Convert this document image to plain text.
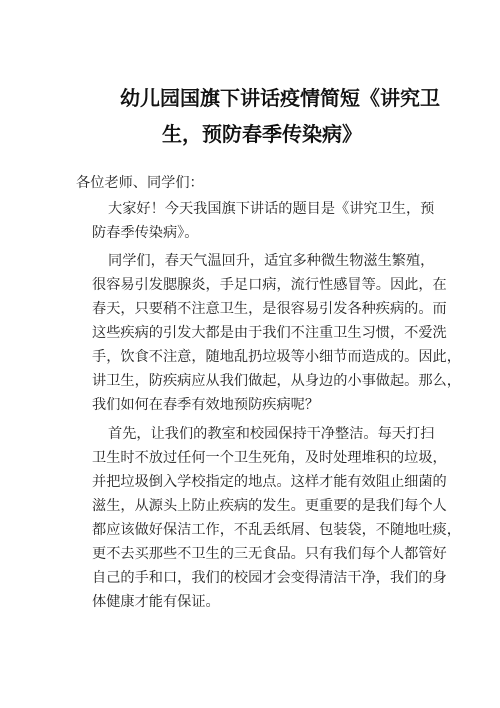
幼儿园国旗下讲话疫情简短《讲究卫
生，预防春季传染病》
各位老师、同学们：
大家好！今天我国旗下讲话的题目是《讲究卫生，预
防春季传染病》。
同学们，春天气温回升，适宜多种微生物滋生繁殖，
很容易引发腮腺炎，手足口病，流行性感冒等。因此，在
春天，只要稍不注意卫生，是很容易引发各种疾病的。而
这些疾病的引发大都是由于我们不注重卫生习惯，不爱洗
手，饮食不注意，随地乱扔垃圾等小细节而造成的。因此，
讲卫生，防疾病应从我们做起，从身边的小事做起。那么，
我们如何在春季有效地预防疾病呢？
首先，让我们的教室和校园保持干净整洁。每天打扫
卫生时不放过任何一个卫生死角，及时处理堆积的垃圾，
并把垃圾倒入学校指定的地点。这样才能有效阻止细菌的
滋生，从源头上防止疾病的发生。更重要的是我们每个人
都应该做好保洁工作，不乱丢纸屑、包装袋，不随地吐痰，
更不去买那些不卫生的三无食品。只有我们每个人都管好
自己的手和口，我们的校园才会变得清洁干净，我们的身
体健康才能有保证。
